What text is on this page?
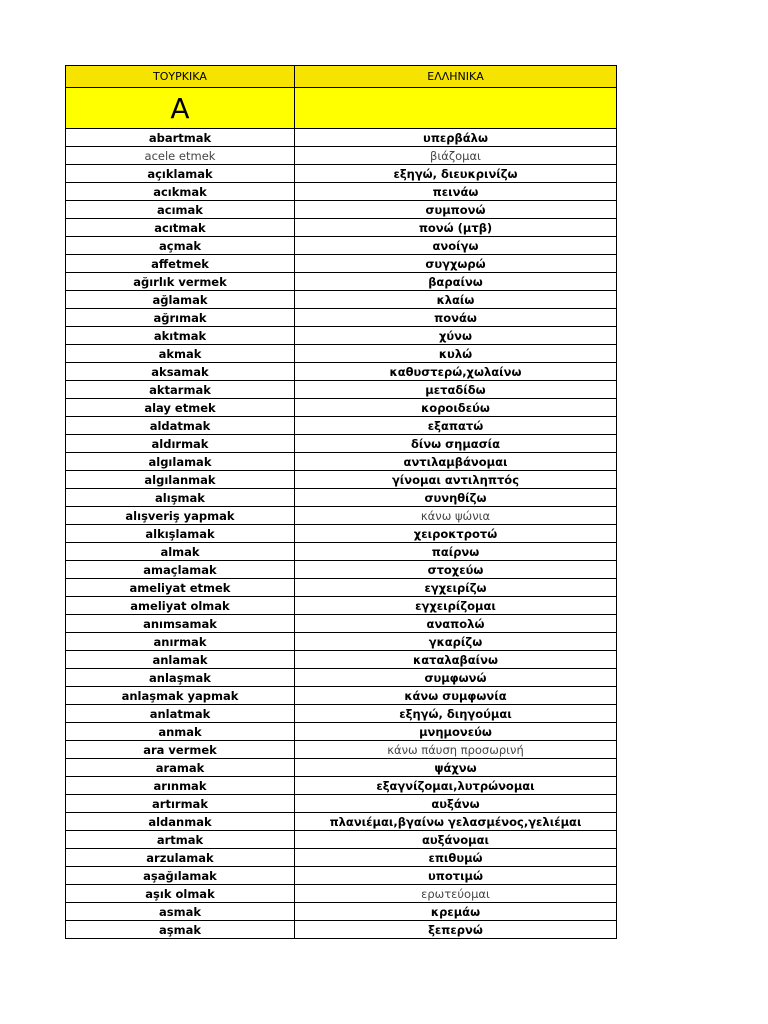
ΤΟΥΡΚΙΚΑ	ΕΛΛΗΝΙΚΑ
A	
abartmak	υπερβάλω
acele etmek	βιάζομαι
açıklamak	εξηγώ, διευκρινίζω
acıkmak	πεινάω
acımak	συμπονώ
acıtmak	πονώ (μτβ)
açmak	ανοίγω
affetmek	συγχωρώ
ağırlık vermek	βαραίνω
ağlamak	κλαίω
ağrımak	πονάω
akıtmak	χύνω
akmak	κυλώ
aksamak	καθυστερώ,χωλαίνω
aktarmak	μεταδίδω
alay etmek	κοροιδεύω
aldatmak	εξαπατώ
aldırmak	δίνω σημασία
algılamak	αντιλαμβάνομαι
algılanmak	γίνομαι αντιληπτός
alışmak	συνηθίζω
alışveriş yapmak	κάνω ψώνια
alkışlamak	χειροκτροτώ
almak	παίρνω
amaçlamak	στοχεύω
ameliyat etmek	εγχειρίζω
ameliyat olmak	εγχειρίζομαι
anımsamak	αναπολώ
anırmak	γκαρίζω
anlamak	καταλαβαίνω
anlaşmak	συμφωνώ
anlaşmak yapmak	κάνω συμφωνία
anlatmak	εξηγώ, διηγούμαι
anmak	μνημονεύω
ara vermek	κάνω πάυση προσωρινή
aramak	ψάχνω
arınmak	εξαγνίζομαι,λυτρώνομαι
artırmak	αυξάνω
aldanmak	πλανιέμαι,βγαίνω γελασμένος,γελιέμαι
artmak	αυξάνομαι
arzulamak	επιθυμώ
aşağılamak	υποτιμώ
aşık olmak	ερωτεύομαι
asmak	κρεμάω
aşmak	ξεπερνώ
